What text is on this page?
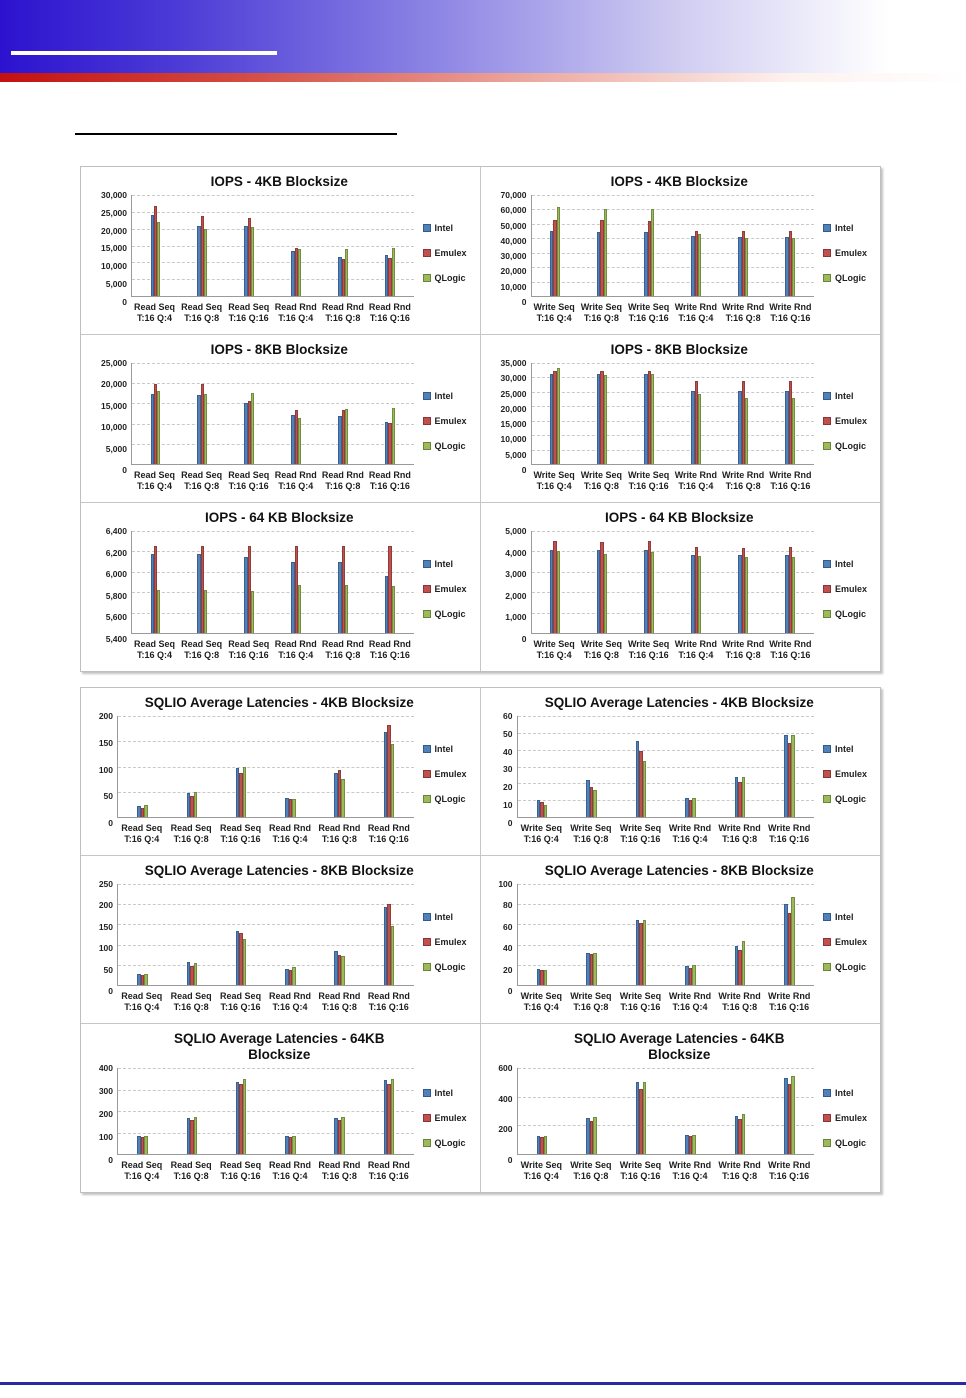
IOPS - 4KB Blocksize
30,000
25,000
20,000
15,000
10,000
5,000
0
Read Seq
T:16 Q:4
Read Seq
T:16 Q:8
Read Seq
T:16 Q:16
Read Rnd
T:16 Q:4
Read Rnd
T:16 Q:8
Read Rnd
T:16 Q:16
Intel
Emulex
QLogic
IOPS - 4KB Blocksize
70,000
60,000
50,000
40,000
30,000
20,000
10,000
0
Write Seq
T:16 Q:4
Write Seq
T:16 Q:8
Write Seq
T:16 Q:16
Write Rnd
T:16 Q:4
Write Rnd
T:16 Q:8
Write Rnd
T:16 Q:16
Intel
Emulex
QLogic
IOPS - 8KB Blocksize
25,000
20,000
15,000
10,000
5,000
0
Read Seq
T:16 Q:4
Read Seq
T:16 Q:8
Read Seq
T:16 Q:16
Read Rnd
T:16 Q:4
Read Rnd
T:16 Q:8
Read Rnd
T:16 Q:16
Intel
Emulex
QLogic
IOPS - 8KB Blocksize
35,000
30,000
25,000
20,000
15,000
10,000
5,000
0
Write Seq
T:16 Q:4
Write Seq
T:16 Q:8
Write Seq
T:16 Q:16
Write Rnd
T:16 Q:4
Write Rnd
T:16 Q:8
Write Rnd
T:16 Q:16
Intel
Emulex
QLogic
IOPS - 64 KB Blocksize
6,400
6,200
6,000
5,800
5,600
5,400
Read Seq
T:16 Q:4
Read Seq
T:16 Q:8
Read Seq
T:16 Q:16
Read Rnd
T:16 Q:4
Read Rnd
T:16 Q:8
Read Rnd
T:16 Q:16
Intel
Emulex
QLogic
IOPS - 64 KB Blocksize
5,000
4,000
3,000
2,000
1,000
0
Write Seq
T:16 Q:4
Write Seq
T:16 Q:8
Write Seq
T:16 Q:16
Write Rnd
T:16 Q:4
Write Rnd
T:16 Q:8
Write Rnd
T:16 Q:16
Intel
Emulex
QLogic
SQLIO Average Latencies - 4KB Blocksize
200
150
100
50
0 Read Seq
T:16 Q:4
Read Seq
T:16 Q:8
Read Seq
T:16 Q:16
Read Rnd
T:16 Q:4
Read Rnd
T:16 Q:8
Read Rnd
T:16 Q:16
Intel
Emulex
QLogic
SQLIO Average Latencies - 4KB Blocksize
60
50
40
30
20
10
0
Write Seq
T:16 Q:4
Write Seq
T:16 Q:8
Write Seq
T:16 Q:16
Write Rnd
T:16 Q:4
Write Rnd
T:16 Q:8
Write Rnd
T:16 Q:16
Intel
Emulex
QLogic
SQLIO Average Latencies - 8KB Blocksize
250
200
150
100
50
0
Read Seq
T:16 Q:4
Read Seq
T:16 Q:8
Read Seq
T:16 Q:16
Read Rnd
T:16 Q:4
Read Rnd
T:16 Q:8
Read Rnd
T:16 Q:16
Intel
Emulex
QLogic
SQLIO Average Latencies - 8KB Blocksize
100
80
60
40
20
0
Write Seq
T:16 Q:4
Write Seq
T:16 Q:8
Write Seq
T:16 Q:16
Write Rnd
T:16 Q:4
Write Rnd
T:16 Q:8
Write Rnd
T:16 Q:16
Intel
Emulex
QLogic
SQLIO Average Latencies - 64KB
Blocksize
400
300
200
100
0 Read Seq
T:16 Q:4
Read Seq
T:16 Q:8
Read Seq
T:16 Q:16
Read Rnd
T:16 Q:4
Read Rnd
T:16 Q:8
Read Rnd
T:16 Q:16
Intel
Emulex
QLogic
SQLIO Average Latencies - 64KB
Blocksize
600
400
200
0
Write Seq
T:16 Q:4
Write Seq
T:16 Q:8
Write Seq
T:16 Q:16
Write Rnd
T:16 Q:4
Write Rnd
T:16 Q:8
Write Rnd
T:16 Q:16
Intel
Emulex
QLogic
